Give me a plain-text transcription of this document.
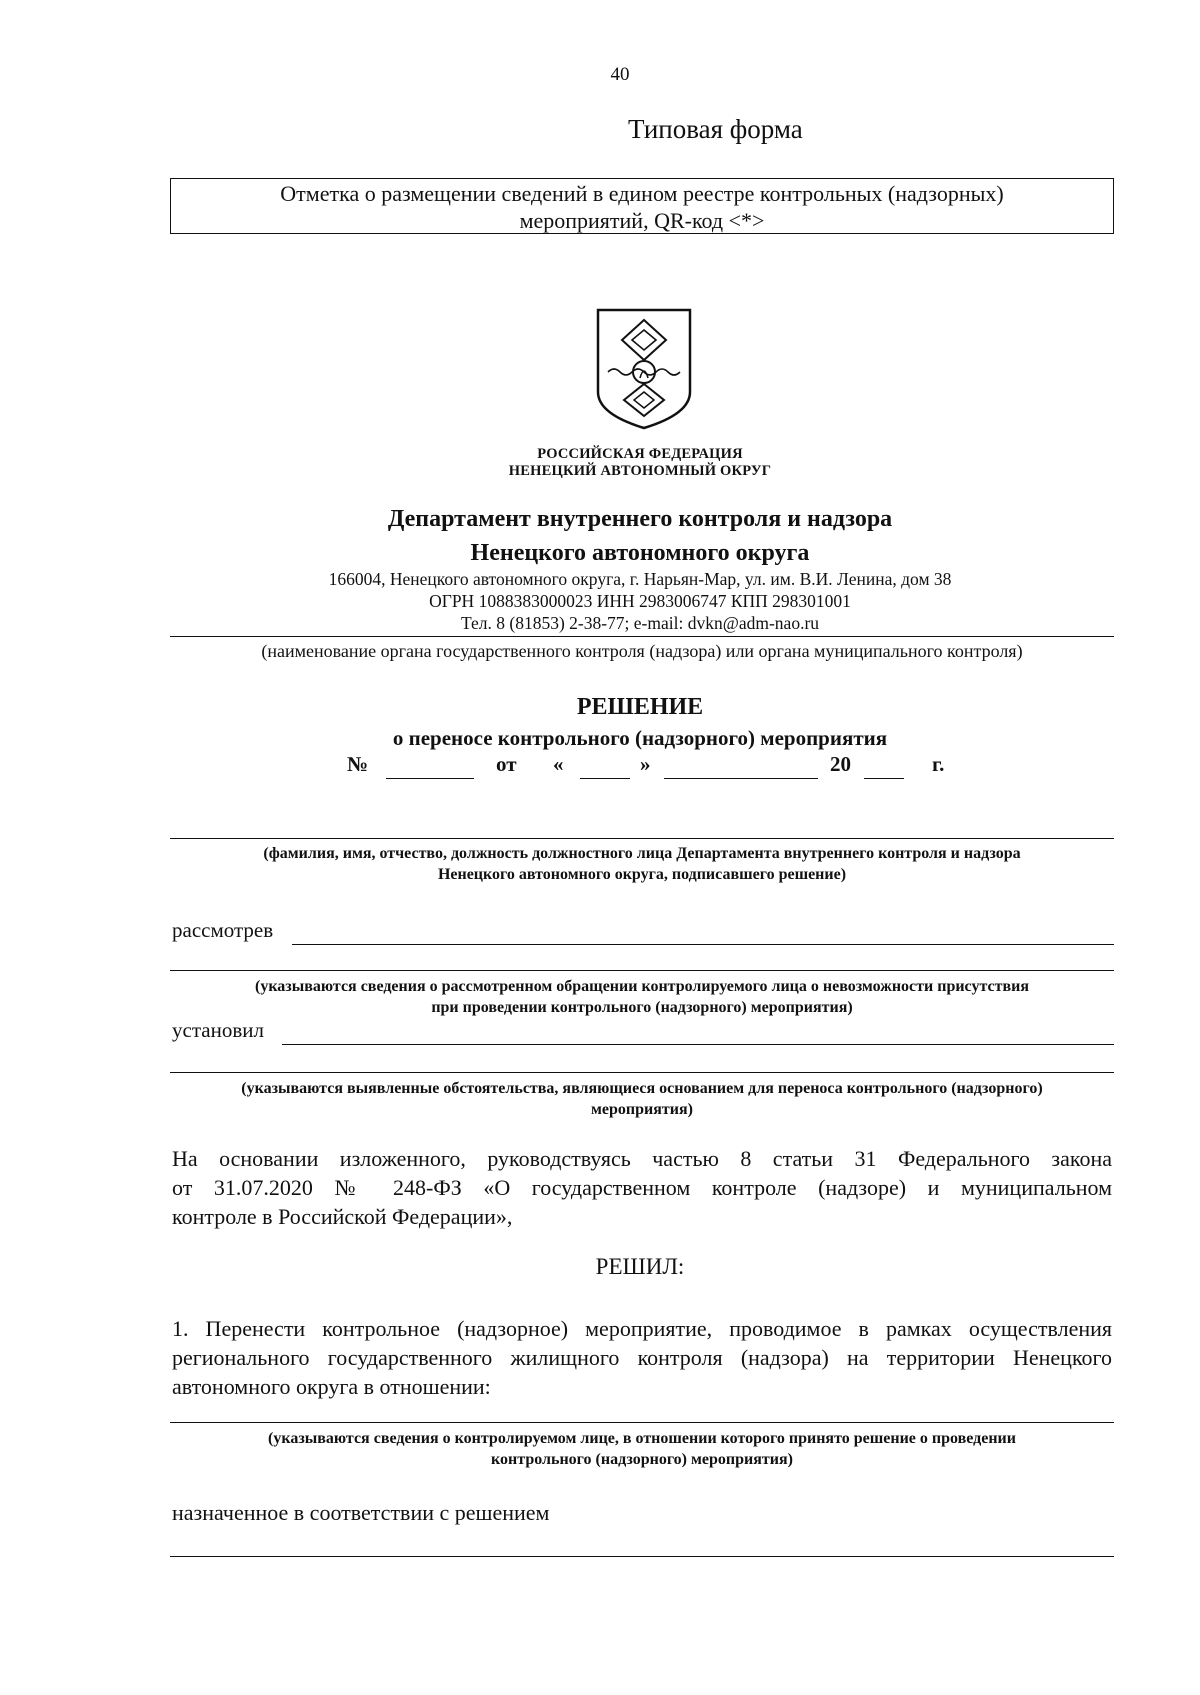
40
Типовая форма
Отметка о размещении сведений в едином реестре контрольных (надзорных)
мероприятий, QR-код <*>
РОССИЙСКАЯ ФЕДЕРАЦИЯ
НЕНЕЦКИЙ АВТОНОМНЫЙ ОКРУГ
Департамент внутреннего контроля и надзора
Ненецкого автономного округа
166004, Ненецкого автономного округа, г. Нарьян-Мар, ул. им. В.И. Ленина, дом 38
ОГРН 1088383000023 ИНН 2983006747 КПП 298301001
Тел. 8 (81853) 2-38-77; e-mail: dvkn@adm-nao.ru
(наименование органа государственного контроля (надзора) или органа муниципального контроля)
РЕШЕНИЕ
о переносе контрольного (надзорного) мероприятия
№	от «	»	20	г.
(фамилия, имя, отчество, должность должностного лица Департамента внутреннего контроля и надзора
Ненецкого автономного округа, подписавшего решение)
рассмотрев
(указываются сведения о рассмотренном обращении контролируемого лица о невозможности присутствия
при проведении контрольного (надзорного) мероприятия)
установил
(указываются выявленные обстоятельства, являющиеся основанием для переноса контрольного (надзорного)
мероприятия)
На основании изложенного, руководствуясь частью 8 статьи 31 Федерального закона
от 31.07.2020 № 248-ФЗ «О государственном контроле (надзоре) и муниципальном
контроле в Российской Федерации»,
РЕШИЛ:
1. Перенести контрольное (надзорное) мероприятие, проводимое в рамках осуществления
регионального государственного жилищного контроля (надзора) на территории Ненецкого
автономного округа в отношении:
(указываются сведения о контролируемом лице, в отношении которого принято решение о проведении
контрольного (надзорного) мероприятия)
назначенное в соответствии с решением
